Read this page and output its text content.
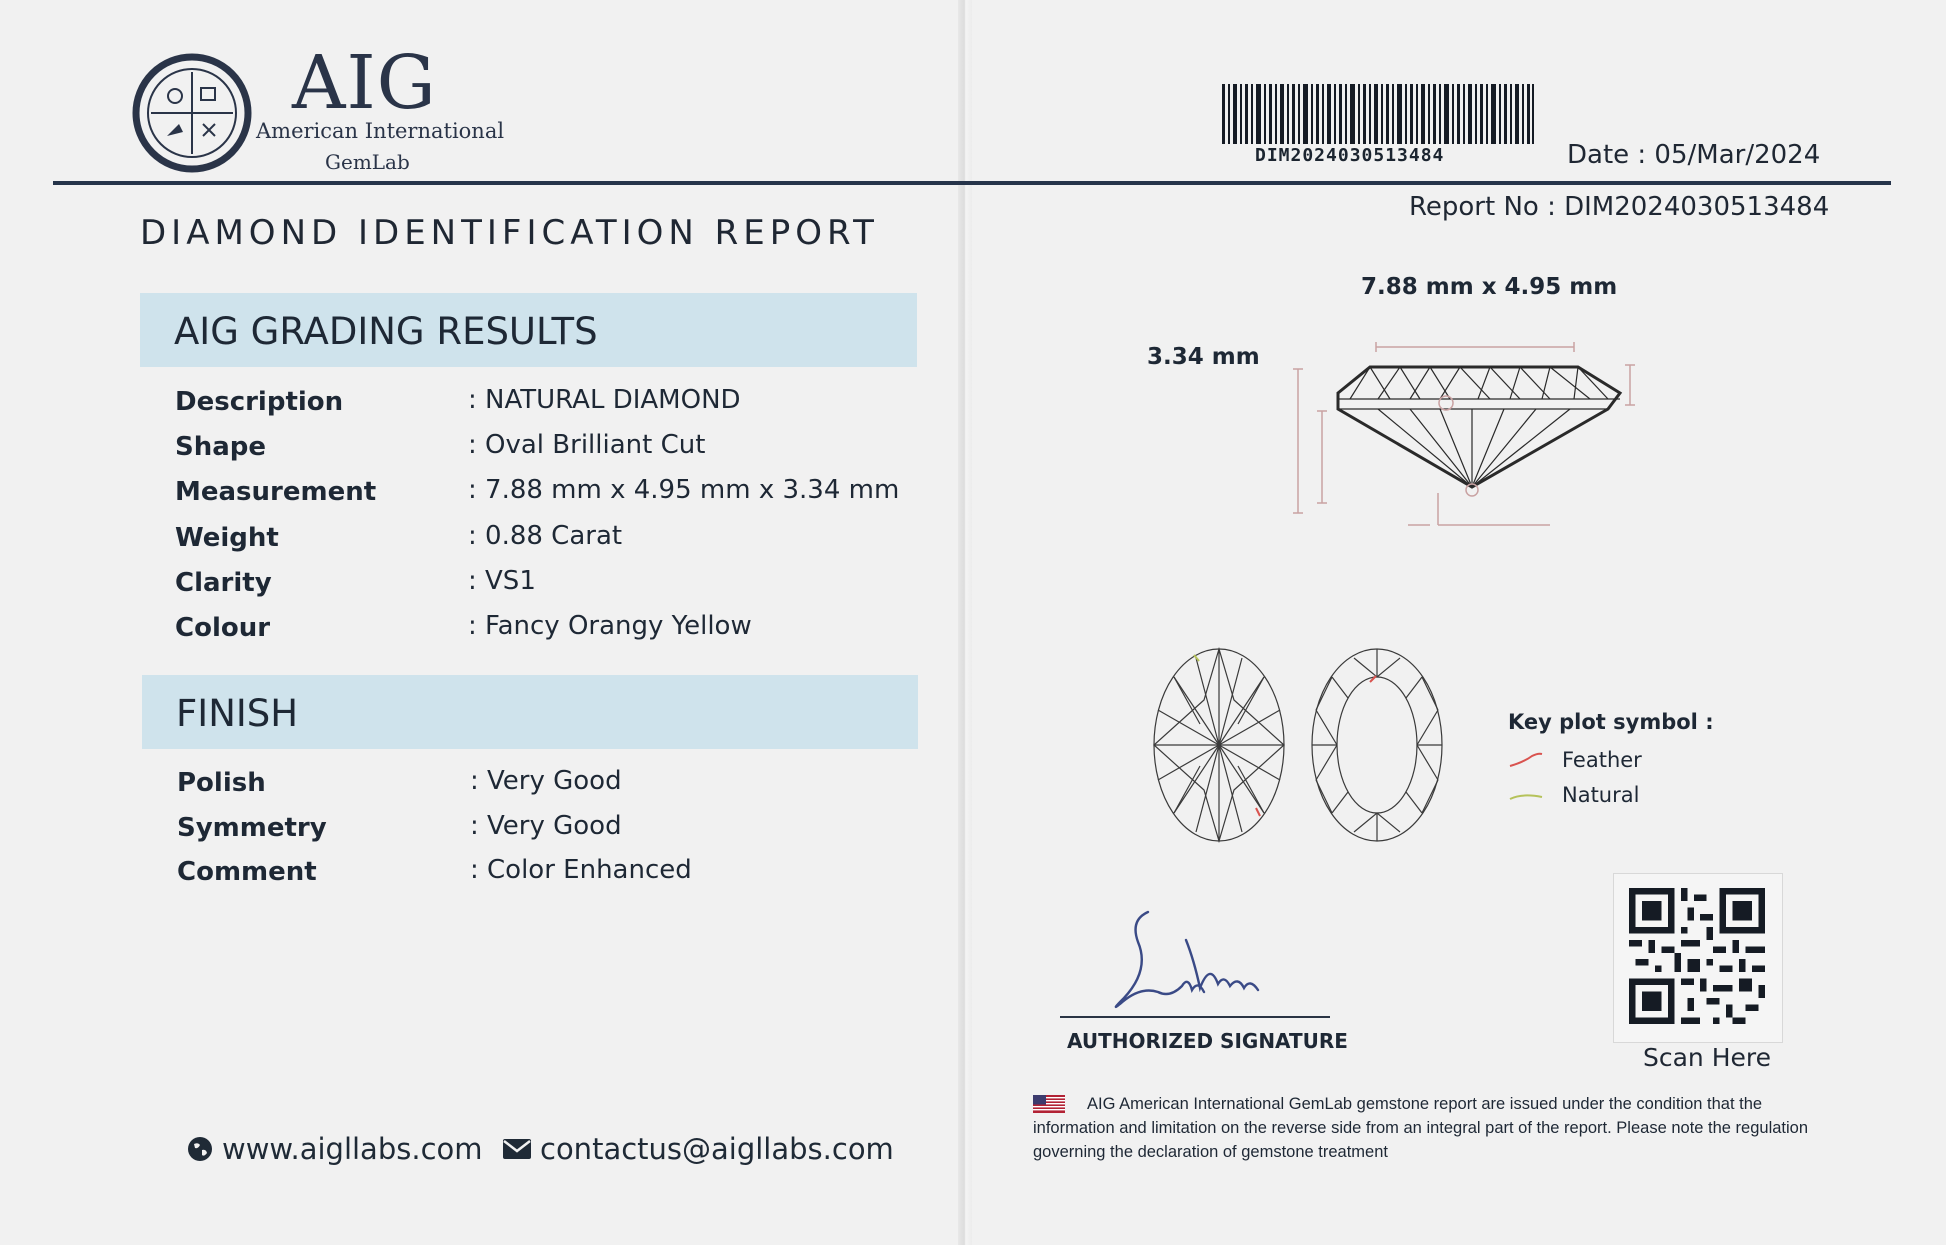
AIG
American International
GemLab
DIAMOND IDENTIFICATION REPORT
AIG GRADING RESULTS
Description	: NATURAL DIAMOND
Shape	: Oval Brilliant Cut
Measurement	: 7.88 mm x 4.95 mm x 3.34 mm
Weight	: 0.88 Carat
Clarity	: VS1
Colour	: Fancy Orangy Yellow
FINISH
Polish	: Very Good
Symmetry	: Very Good
Comment	: Color Enhanced
www.aigllabs.com contactus@aigllabs.com
DIM2024030513484	Date : 05/Mar/2024
Report No : DIM2024030513484
7.88 mm x 4.95 mm
3.34 mm
Key plot symbol :
Feather
Natural
Scan Here
AUTHORIZED SIGNATURE
AIG American International GemLab gemstone report are issued under the condition that the information and limitation on the reverse side from an integral part of the report. Please note the regulation governing the declaration of gemstone treatment
